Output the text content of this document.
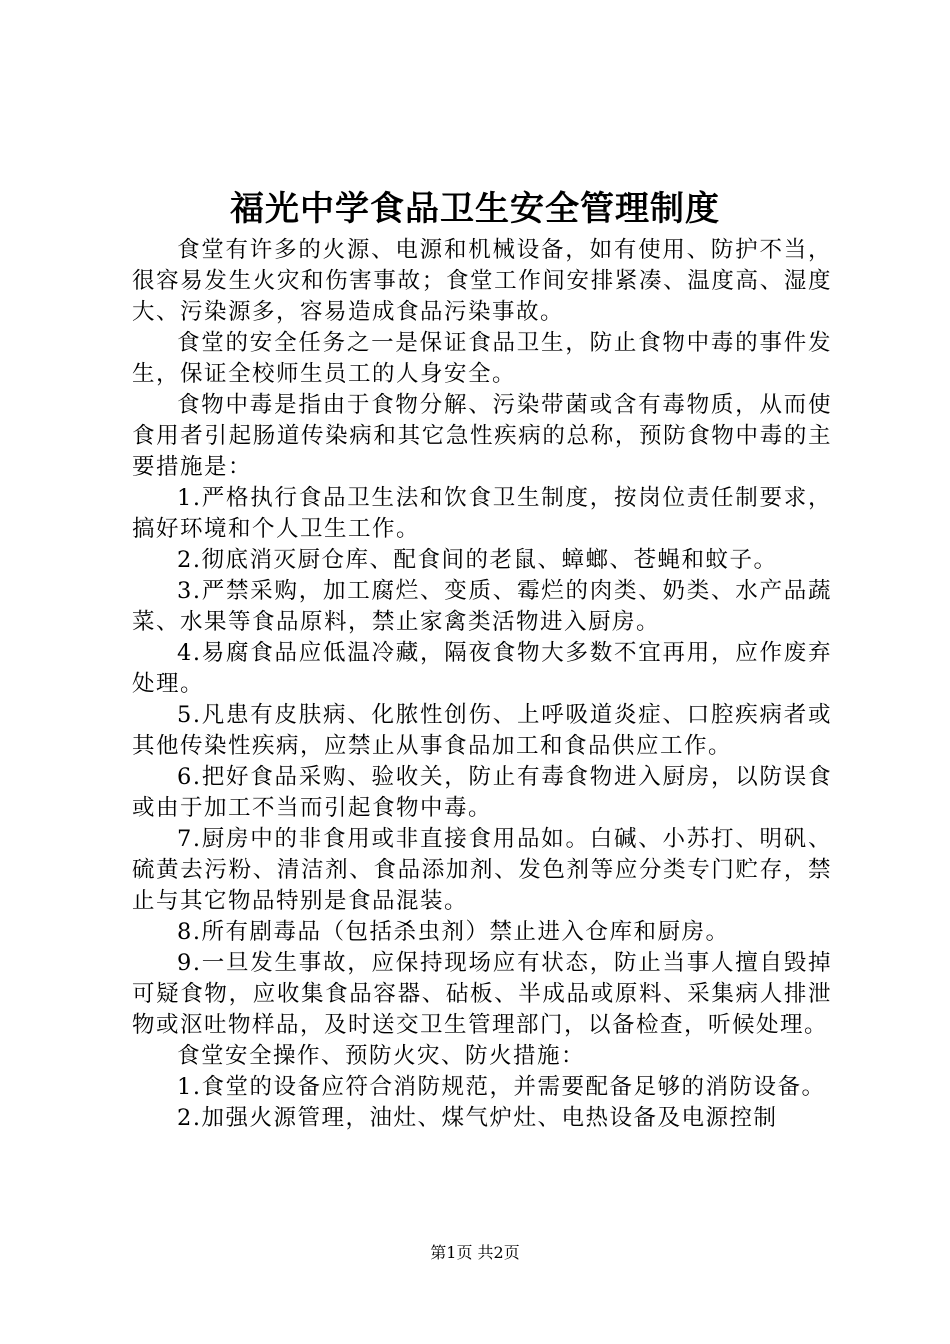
福光中学食品卫生安全管理制度

食堂有许多的火源、电源和机械设备，如有使用、防护不当，很容易发生火灾和伤害事故；食堂工作间安排紧凑、温度高、湿度大、污染源多，容易造成食品污染事故。

食堂的安全任务之一是保证食品卫生，防止食物中毒的事件发生，保证全校师生员工的人身安全。

食物中毒是指由于食物分解、污染带菌或含有毒物质，从而使食用者引起肠道传染病和其它急性疾病的总称，预防食物中毒的主要措施是：

1.严格执行食品卫生法和饮食卫生制度，按岗位责任制要求，搞好环境和个人卫生工作。

2.彻底消灭厨仓库、配食间的老鼠、蟑螂、苍蝇和蚊子。

3.严禁采购，加工腐烂、变质、霉烂的肉类、奶类、水产品蔬菜、水果等食品原料，禁止家禽类活物进入厨房。

4.易腐食品应低温冷藏，隔夜食物大多数不宜再用，应作废弃处理。

5.凡患有皮肤病、化脓性创伤、上呼吸道炎症、口腔疾病者或其他传染性疾病，应禁止从事食品加工和食品供应工作。

6.把好食品采购、验收关，防止有毒食物进入厨房，以防误食或由于加工不当而引起食物中毒。

7.厨房中的非食用或非直接食用品如。白碱、小苏打、明矾、硫黄去污粉、清洁剂、食品添加剂、发色剂等应分类专门贮存，禁止与其它物品特别是食品混装。

8.所有剧毒品（包括杀虫剂）禁止进入仓库和厨房。

9.一旦发生事故，应保持现场应有状态，防止当事人擅自毁掉可疑食物，应收集食品容器、砧板、半成品或原料、采集病人排泄物或沤吐物样品，及时送交卫生管理部门，以备检查，听候处理。

食堂安全操作、预防火灾、防火措施：

1.食堂的设备应符合消防规范，并需要配备足够的消防设备。

2.加强火源管理，油灶、煤气炉灶、电热设备及电源控制

第1页 共2页
